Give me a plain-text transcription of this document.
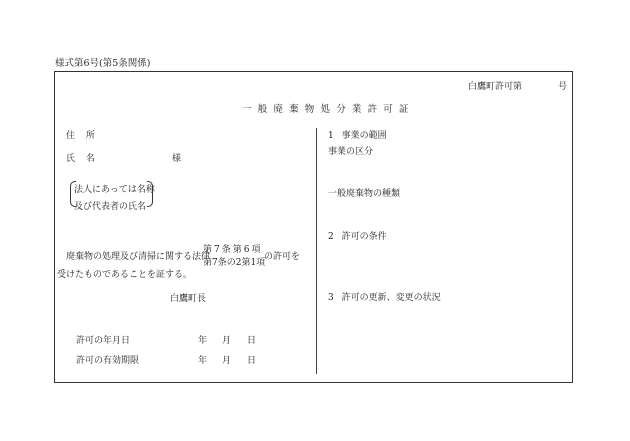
様式第6号(第5条関係)
白鷹町許可第	号
一般廃棄物処分業許可証
住 所
氏 名	様
法人にあっては名称
及び代表者の氏名
廃棄物の処理及び清掃に関する法律
第7条第6項
第7条の2第1項
の許可を
受けたものであることを証する。
白鷹町長
許可の年月日	年 月 日
許可の有効期限	年 月 日
1 事業の範囲
事業の区分
一般廃棄物の種類
2 許可の条件
3 許可の更新、変更の状況
